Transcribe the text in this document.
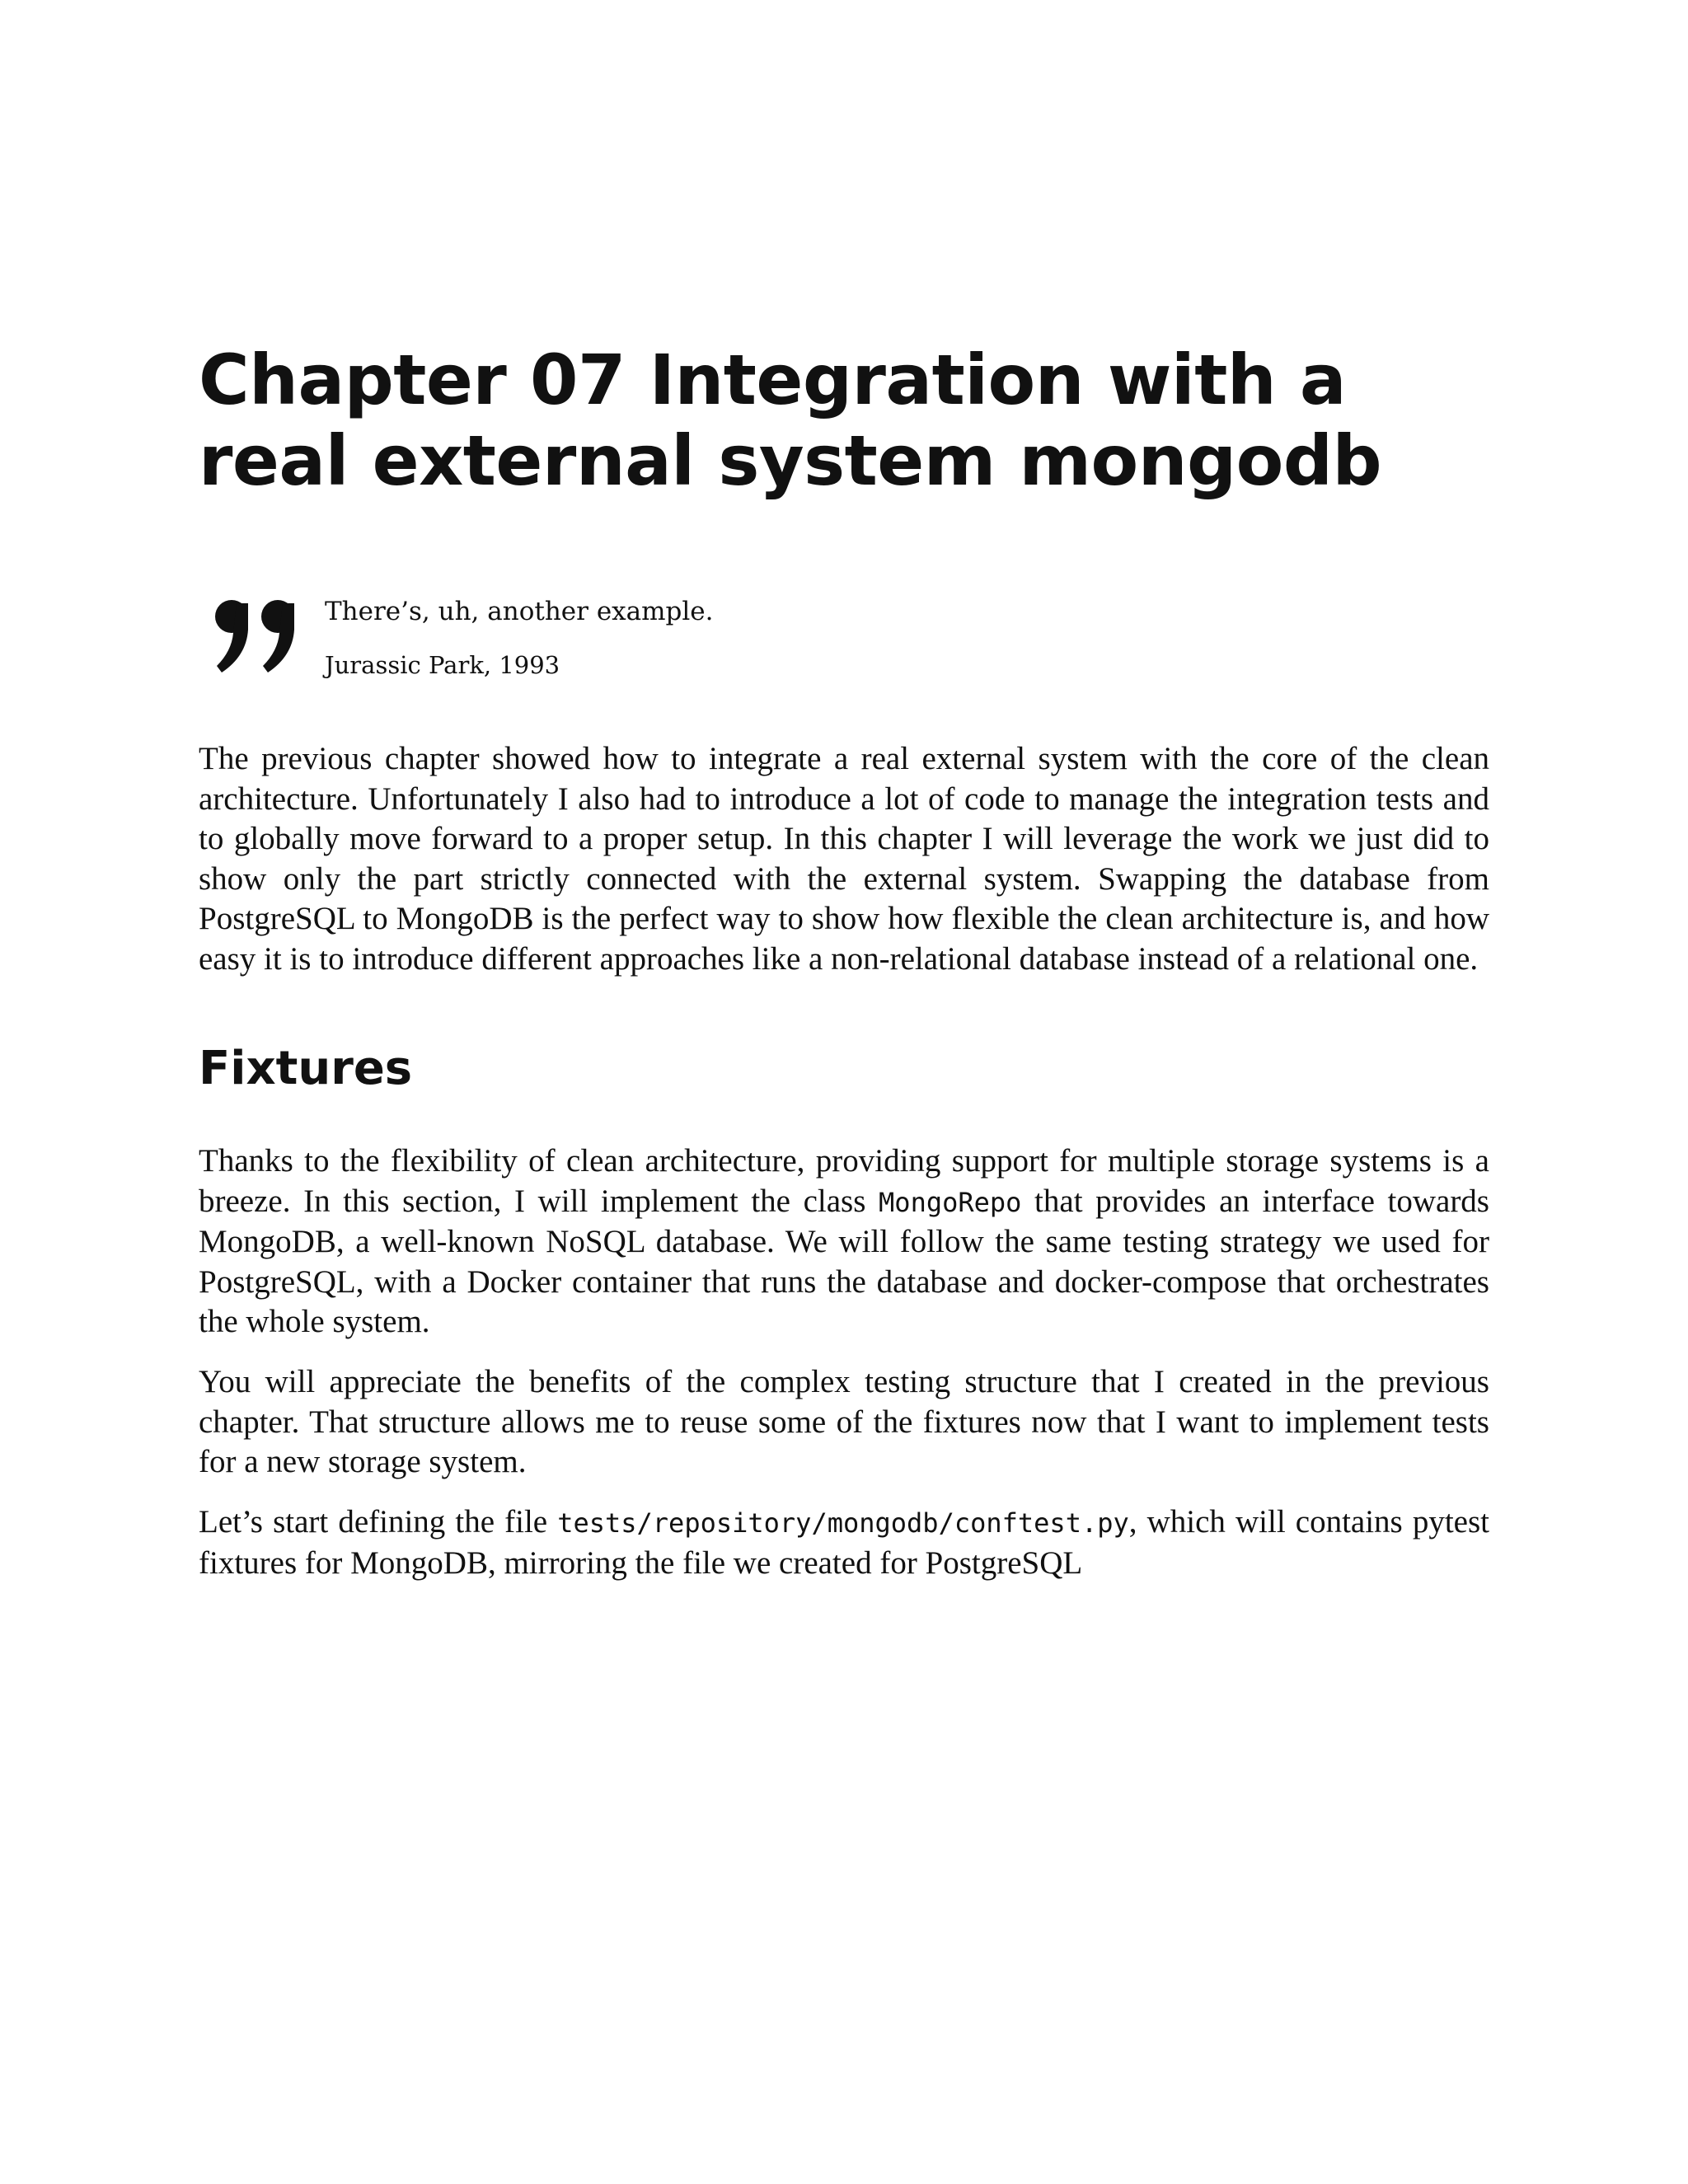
Chapter 07 Integration with a real external system mongodb

There’s, uh, another example.

Jurassic Park, 1993

The previous chapter showed how to integrate a real external system with the core of the clean architecture. Unfortunately I also had to introduce a lot of code to manage the integration tests and to globally move forward to a proper setup. In this chapter I will leverage the work we just did to show only the part strictly connected with the external system. Swapping the database from PostgreSQL to MongoDB is the perfect way to show how flexible the clean architecture is, and how easy it is to introduce different approaches like a non-relational database instead of a relational one.

Fixtures

Thanks to the flexibility of clean architecture, providing support for multiple storage systems is a breeze. In this section, I will implement the class MongoRepo that provides an interface towards MongoDB, a well-known NoSQL database. We will follow the same testing strategy we used for PostgreSQL, with a Docker container that runs the database and docker-compose that orchestrates the whole system.

You will appreciate the benefits of the complex testing structure that I created in the previous chapter. That structure allows me to reuse some of the fixtures now that I want to implement tests for a new storage system.

Let’s start defining the file tests/repository/mongodb/conftest.py, which will contains pytest fixtures for MongoDB, mirroring the file we created for PostgreSQL
